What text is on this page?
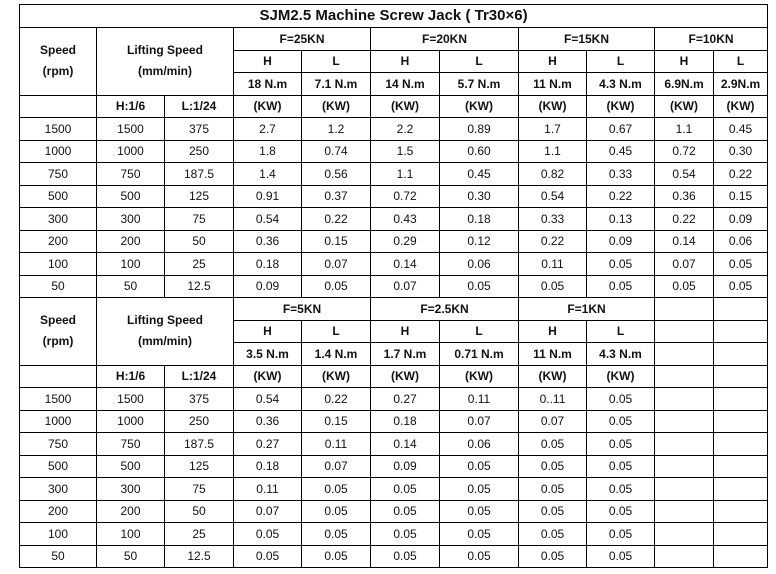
SJM2.5 Machine Screw Jack ( Tr30×6)										
Speed
(rpm)	Lifting Speed
(mm/min)		F=25KN		F=20KN		F=15KN		F=10KN	
			H	L	H	L	H	L	H	L
			18 N.m	7.1 N.m	14 N.m	5.7 N.m	11 N.m	4.3 N.m	6.9N.m	2.9N.m
	H:1/6	L:1/24	(KW)	(KW)	(KW)	(KW)	(KW)	(KW)	(KW)	(KW)
1500	1500	375	2.7	1.2	2.2	0.89	1.7	0.67	1.1	0.45
1000	1000	250	1.8	0.74	1.5	0.60	1.1	0.45	0.72	0.30
750	750	187.5	1.4	0.56	1.1	0.45	0.82	0.33	0.54	0.22
500	500	125	0.91	0.37	0.72	0.30	0.54	0.22	0.36	0.15
300	300	75	0.54	0.22	0.43	0.18	0.33	0.13	0.22	0.09
200	200	50	0.36	0.15	0.29	0.12	0.22	0.09	0.14	0.06
100	100	25	0.18	0.07	0.14	0.06	0.11	0.05	0.07	0.05
50	50	12.5	0.09	0.05	0.07	0.05	0.05	0.05	0.05	0.05
Speed
(rpm)	Lifting Speed
(mm/min)		F=5KN		F=2.5KN		F=1KN			
			H	L	H	L	H	L		
			3.5 N.m	1.4 N.m	1.7 N.m	0.71 N.m	11 N.m	4.3 N.m		
	H:1/6	L:1/24	(KW)	(KW)	(KW)	(KW)	(KW)	(KW)		
1500	1500	375	0.54	0.22	0.27	0.11	0..11	0.05		
1000	1000	250	0.36	0.15	0.18	0.07	0.07	0.05		
750	750	187.5	0.27	0.11	0.14	0.06	0.05	0.05		
500	500	125	0.18	0.07	0.09	0.05	0.05	0.05		
300	300	75	0.11	0.05	0.05	0.05	0.05	0.05		
200	200	50	0.07	0.05	0.05	0.05	0.05	0.05		
100	100	25	0.05	0.05	0.05	0.05	0.05	0.05		
50	50	12.5	0.05	0.05	0.05	0.05	0.05	0.05		
